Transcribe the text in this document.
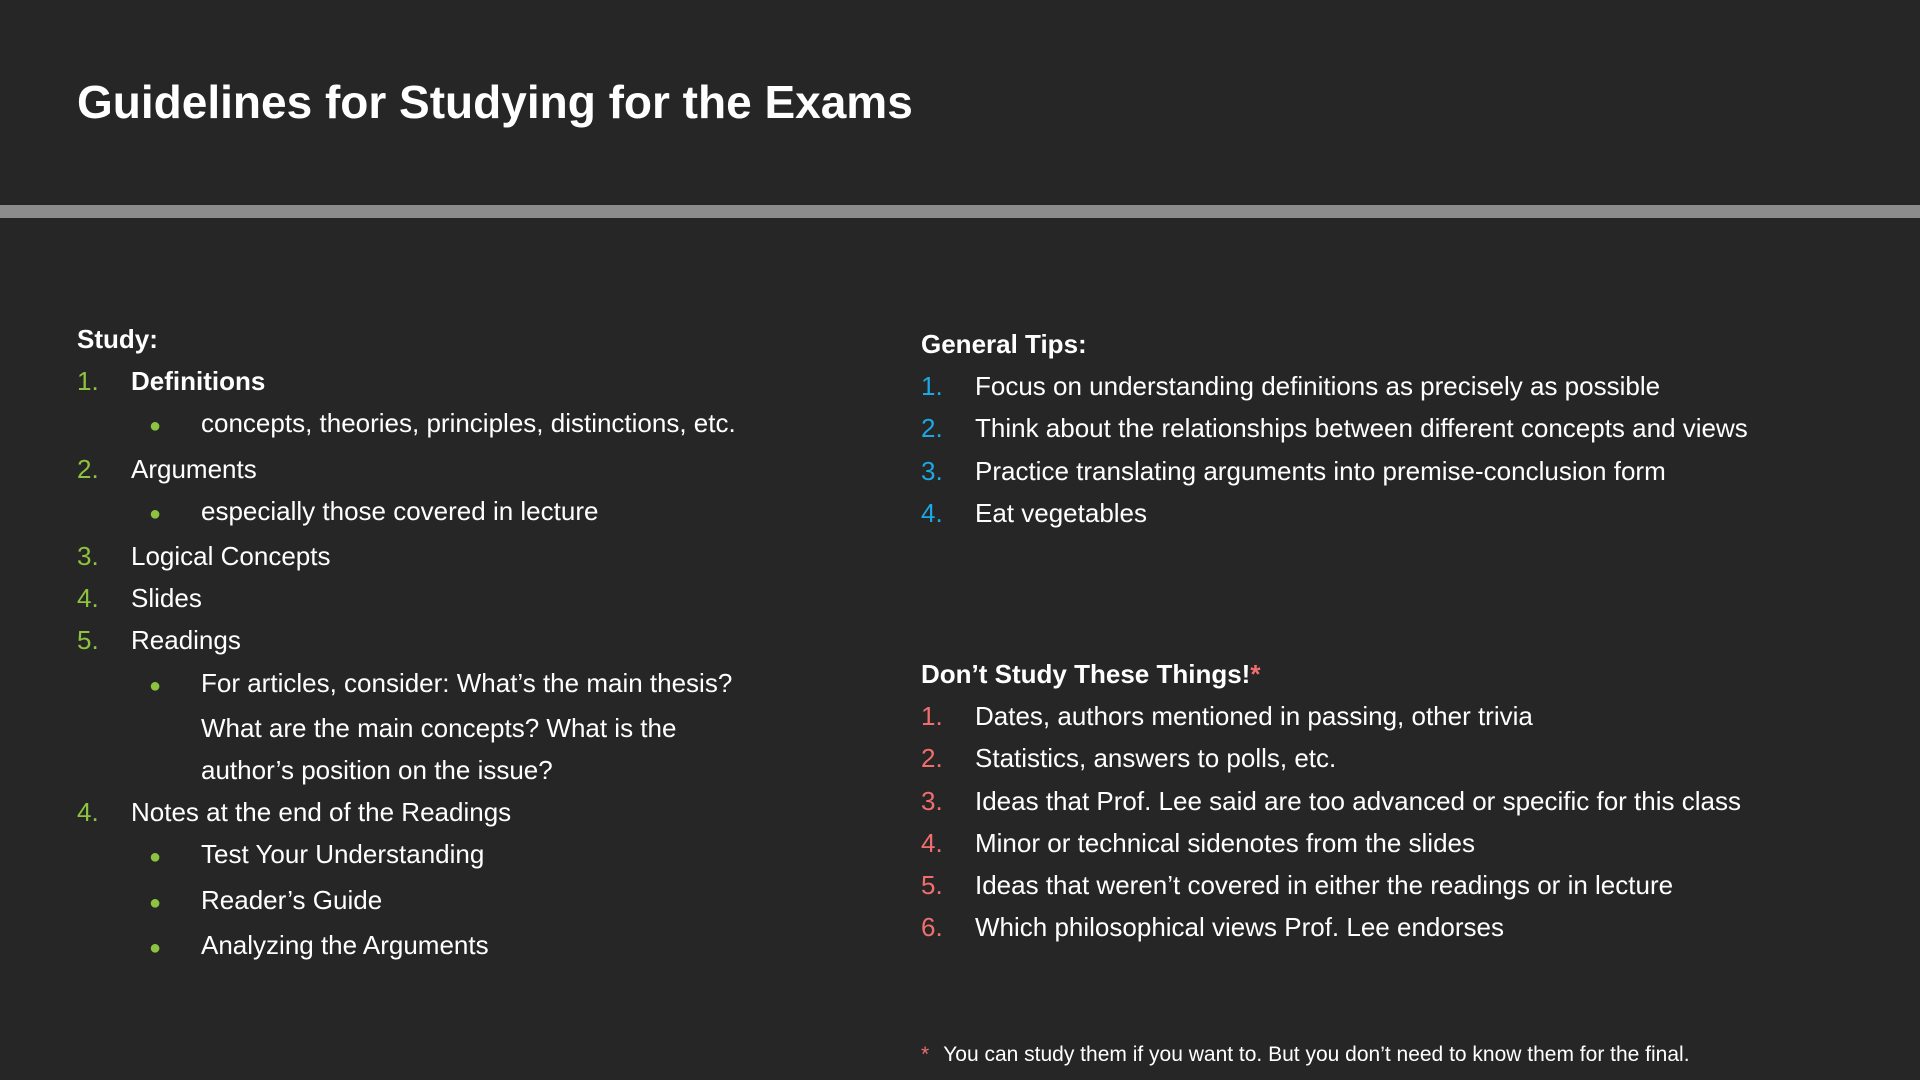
Guidelines for Studying for the Exams
Study:
1.	Definitions
●	concepts, theories, principles, distinctions, etc.
2.	Arguments
●	especially those covered in lecture
3.	Logical Concepts
4.	Slides
5.	Readings
●	For articles, consider: What’s the main thesis?
What are the main concepts? What is the
author’s position on the issue?
4.	Notes at the end of the Readings
●	Test Your Understanding
●	Reader’s Guide
●	Analyzing the Arguments
General Tips:
1.	Focus on understanding definitions as precisely as possible
2.	Think about the relationships between different concepts and views
3.	Practice translating arguments into premise-conclusion form
4.	Eat vegetables
Don’t Study These Things!*
1.	Dates, authors mentioned in passing, other trivia
2.	Statistics, answers to polls, etc.
3.	Ideas that Prof. Lee said are too advanced or specific for this class
4.	Minor or technical sidenotes from the slides
5.	Ideas that weren’t covered in either the readings or in lecture
6.	Which philosophical views Prof. Lee endorses
* You can study them if you want to. But you don’t need to know them for the final.
